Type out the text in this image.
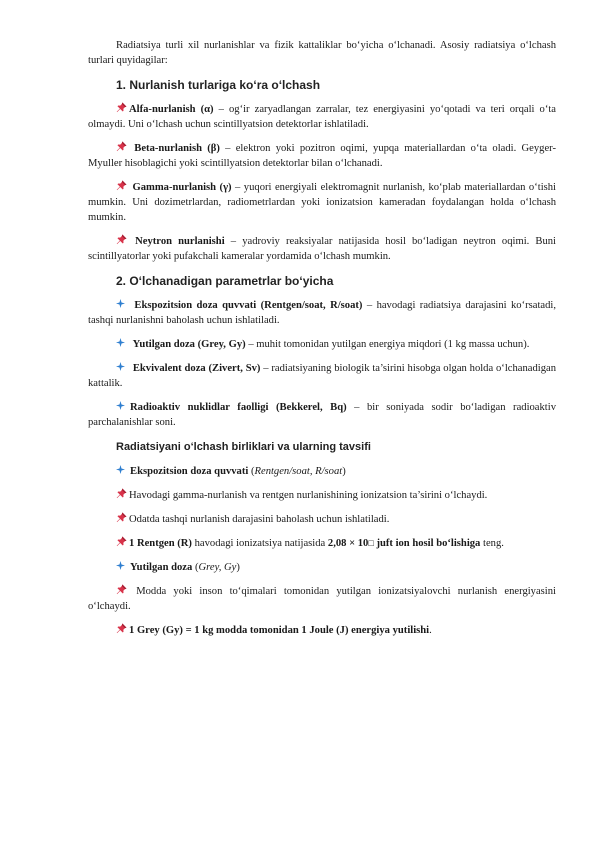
Radiatsiya turli xil nurlanishlar va fizik kattaliklar bo‘yicha o‘lchanadi. Asosiy radiatsiya o‘lchash turlari quyidagilar:

1. Nurlanish turlariga ko‘ra o‘lchash

Alfa-nurlanish (α) – og‘ir zaryadlangan zarralar, tez energiyasini yo‘qotadi va teri orqali o‘ta olmaydi. Uni o‘lchash uchun scintillyatsion detektorlar ishlatiladi.

Beta-nurlanish (β) – elektron yoki pozitron oqimi, yupqa materiallardan o‘ta oladi. Geyger-Myuller hisoblagichi yoki scintillyatsion detektorlar bilan o‘lchanadi.

Gamma-nurlanish (γ) – yuqori energiyali elektromagnit nurlanish, ko‘plab materiallardan o‘tishi mumkin. Uni dozimetrlardan, radiometrlardan yoki ionizatsion kameradan foydalangan holda o‘lchash mumkin.

Neytron nurlanishi – yadroviy reaksiyalar natijasida hosil bo‘ladigan neytron oqimi. Buni scintillyatorlar yoki pufakchali kameralar yordamida o‘lchash mumkin.

2. O‘lchanadigan parametrlar bo‘yicha

Ekspozitsion doza quvvati (Rentgen/soat, R/soat) – havodagi radiatsiya darajasini ko‘rsatadi, tashqi nurlanishni baholash uchun ishlatiladi.

Yutilgan doza (Grey, Gy) – muhit tomonidan yutilgan energiya miqdori (1 kg massa uchun).

Ekvivalent doza (Zivert, Sv) – radiatsiyaning biologik ta’sirini hisobga olgan holda o‘lchanadigan kattalik.

Radioaktiv nuklidlar faolligi (Bekkerel, Bq) – bir soniyada sodir bo‘ladigan radioaktiv parchalanishlar soni.

Radiatsiyani o‘lchash birliklari va ularning tavsifi

Ekspozitsion doza quvvati (Rentgen/soat, R/soat)

Havodagi gamma-nurlanish va rentgen nurlanishining ionizatsion ta’sirini o‘lchaydi.

Odatda tashqi nurlanish darajasini baholash uchun ishlatiladi.

1 Rentgen (R) havodagi ionizatsiya natijasida 2,08 × 10□ juft ion hosil bo‘lishiga teng.

Yutilgan doza (Grey, Gy)

Modda yoki inson to‘qimalari tomonidan yutilgan ionizatsiyalovchi nurlanish energiyasini o‘lchaydi.

1 Grey (Gy) = 1 kg modda tomonidan 1 Joule (J) energiya yutilishi.
